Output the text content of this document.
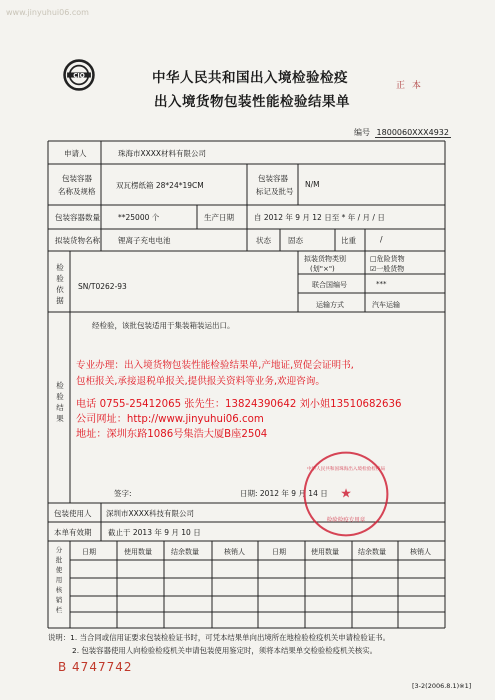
www.jinyuhui06.com
CIQ	中华人民共和国出入境检验检疫
出入境货物包装性能检验结果单
正 本
编号 1800060XXX4932
申请人	珠海市XXXX材料有限公司
包装容器
名称及规格
双瓦楞纸箱 28*24*19CM
包装容器
标记及批号
N/M
包装容器数量 **25000 个	生产日期	自 2012 年 9 月 12 日至 * 年 / 月 / 日
拟装货物名称 锂离子充电电池	状态 固态	比重	/
检验依据
SN/T0262-93
拟装货物类别
(划"×")
□危险货物
☑一般货物
联合国编号	***
运输方式	汽车运输
检验结果
经检验，该批包装适用于集装箱装运出口。
专业办理：出入境货物包装性能检验结果单,产地证,贸促会证明书,
包柜报关,承接退税单报关,提供报关资料等业务,欢迎咨询。
电话 0755-25412065 张先生：13824390642 刘小姐13510682636
公司网址：http://www.jinyuhui06.com
地址：深圳东路1086号集浩大厦B座2504
签字:	日期: 2012 年 9 月 14 日 ★
检验检疫专用章
中华人民共和国珠海出入境检验检疫局
包装使用人 深圳市XXXX科技有限公司
本单有效期 截止于 2013 年 9 月 10 日
分批使用核销栏
日期	使用数量	结余数量	核销人	日期	使用数量	结余数量	核销人
说明：1. 当合同或信用证要求包装检验证书时，可凭本结果单向出境所在地检验检疫机关申请检验证书。
2. 包装容器使用人向检验检疫机关申请包装使用鉴定时，须将本结果单交检验检疫机关核实。
B 4747742
[3-2(2006.8.1)※1]
